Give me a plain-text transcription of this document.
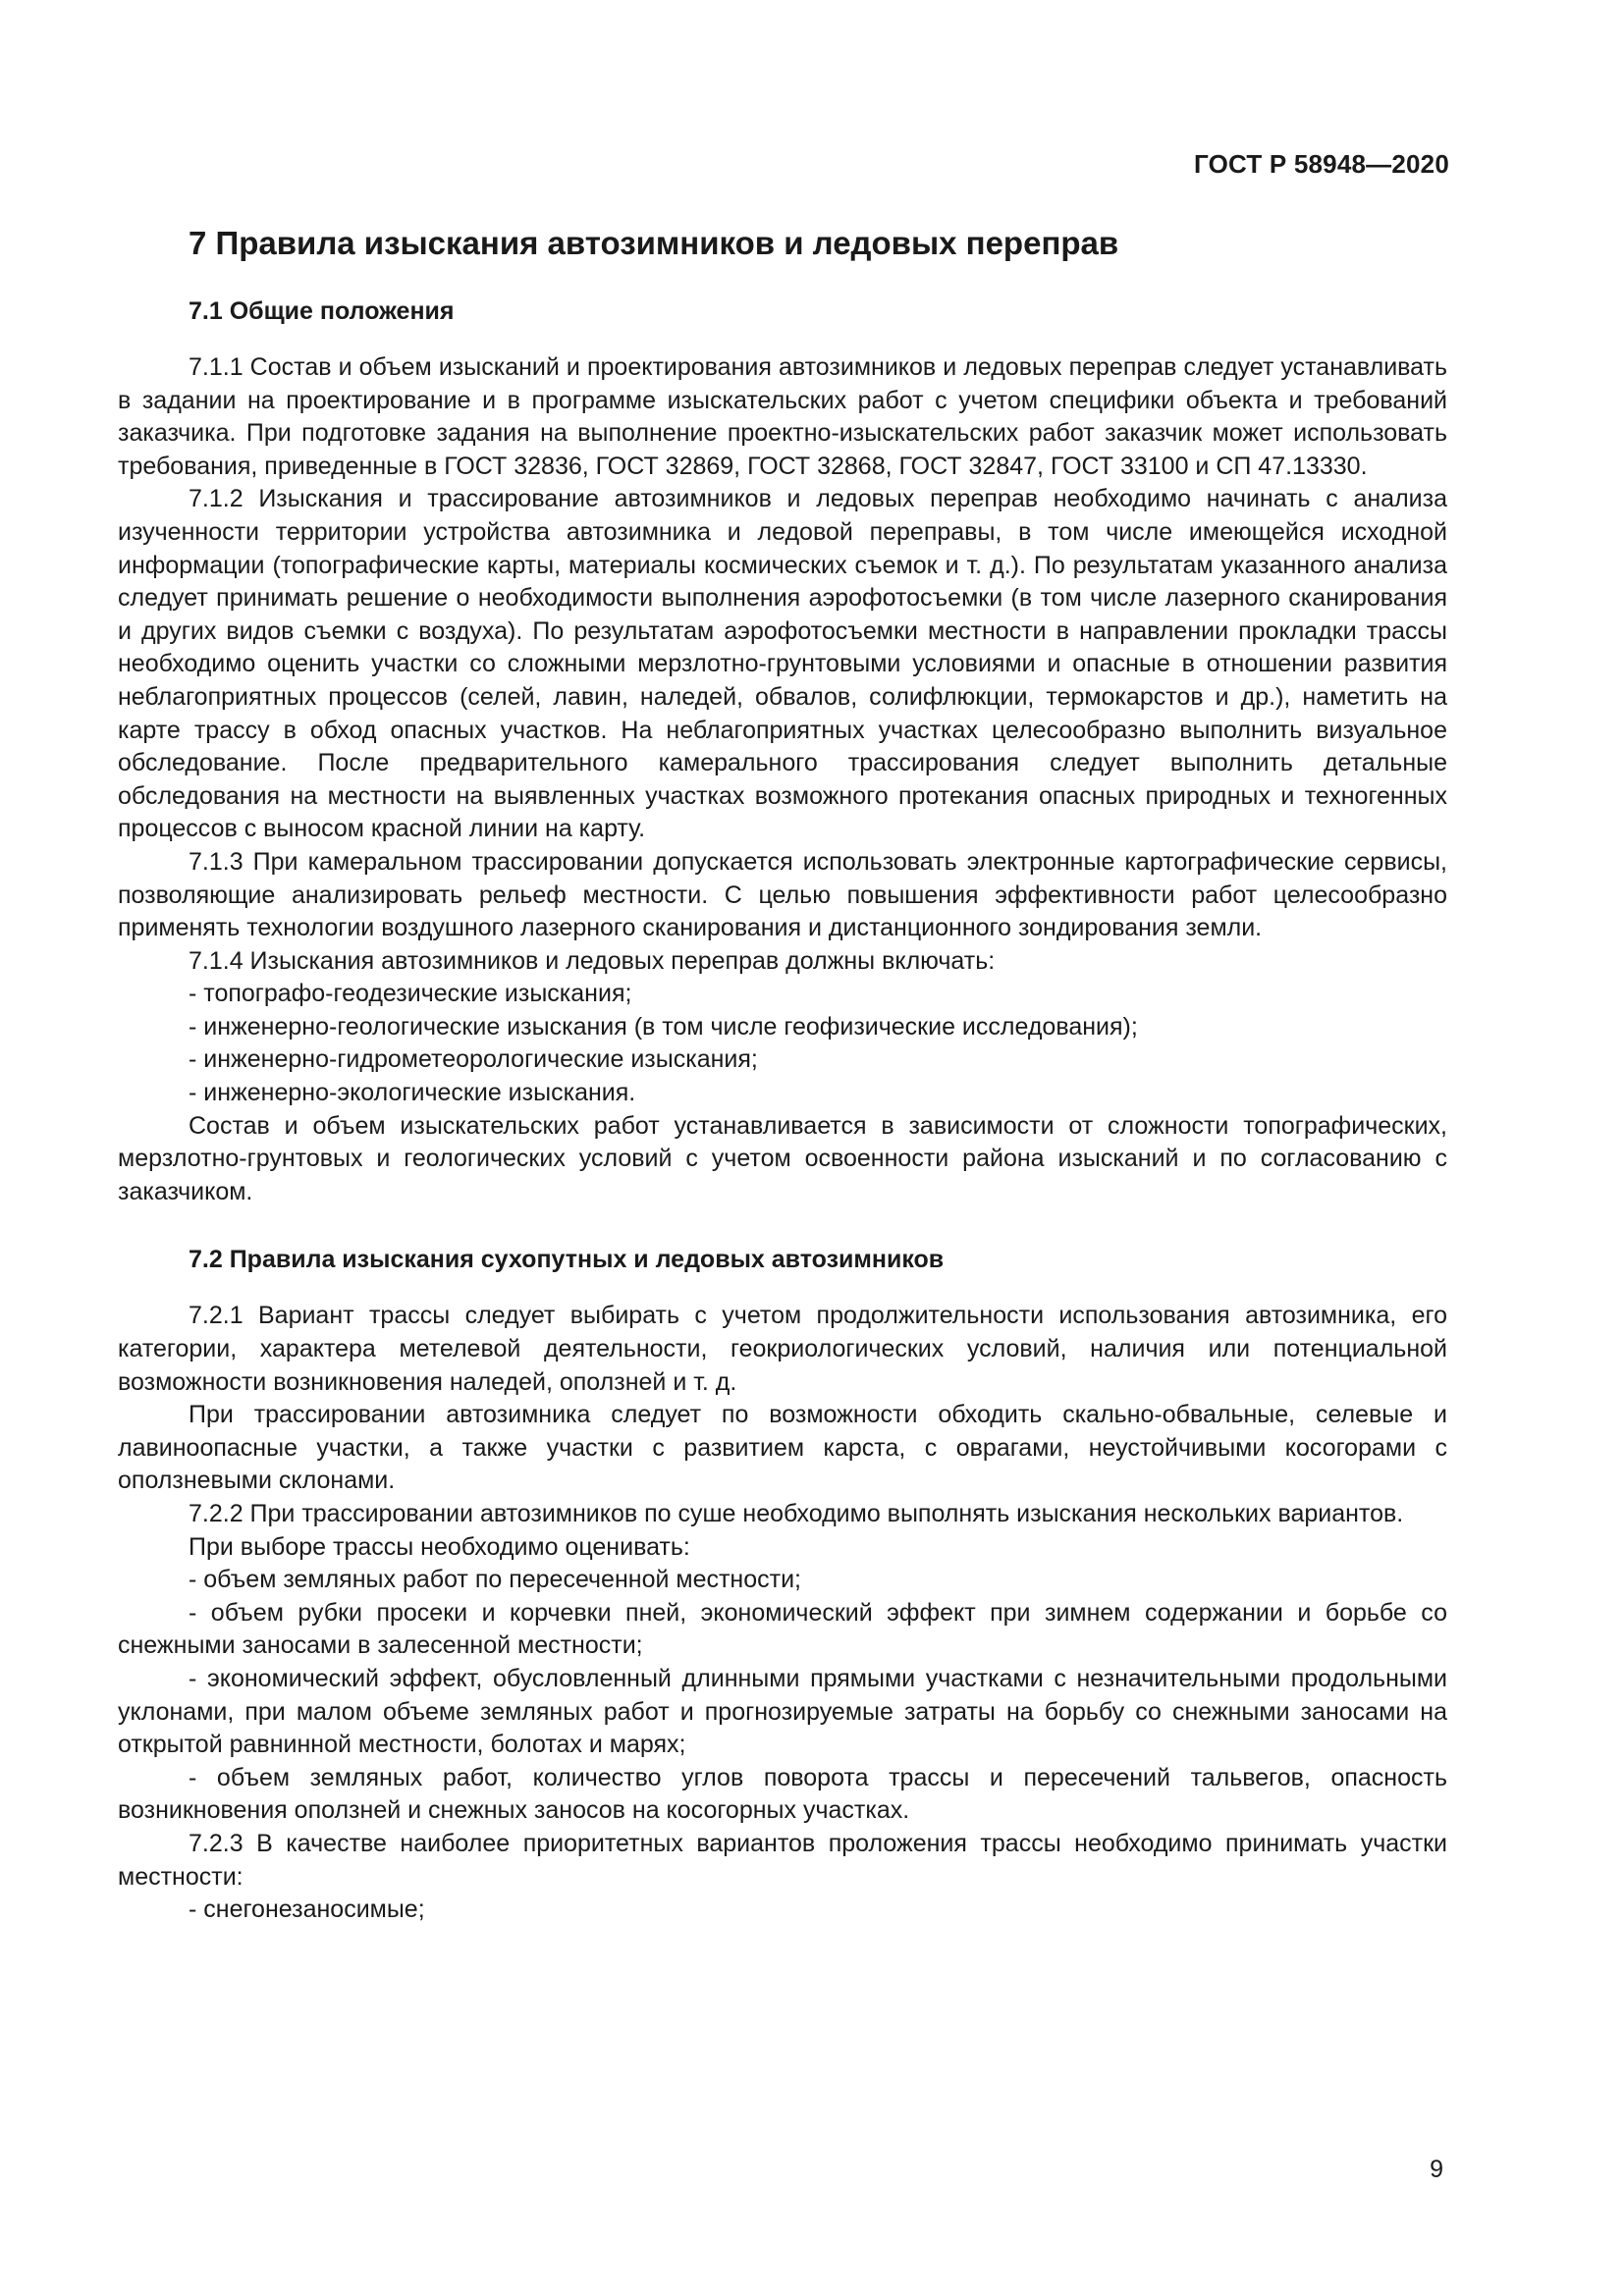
ГОСТ Р 58948—2020
7 Правила изыскания автозимников и ледовых переправ
7.1 Общие положения

7.1.1 Состав и объем изысканий и проектирования автозимников и ледовых переправ следует устанавливать в задании на проектирование и в программе изыскательских работ с учетом специфики объекта и требований заказчика. При подготовке задания на выполнение проектно-изыскательских работ заказчик может использовать требования, приведенные в ГОСТ 32836, ГОСТ 32869, ГОСТ 32868, ГОСТ 32847, ГОСТ 33100 и СП 47.13330.

7.1.2 Изыскания и трассирование автозимников и ледовых переправ необходимо начинать с анализа изученности территории устройства автозимника и ледовой переправы, в том числе имеющейся исходной информации (топографические карты, материалы космических съемок и т. д.). По результатам указанного анализа следует принимать решение о необходимости выполнения аэрофотосъемки (в том числе лазерного сканирования и других видов съемки с воздуха). По результатам аэрофотосъемки местности в направлении прокладки трассы необходимо оценить участки со сложными мерзлотно-грунтовыми условиями и опасные в отношении развития неблагоприятных процессов (селей, лавин, наледей, обвалов, солифлюкции, термокарстов и др.), наметить на карте трассу в обход опасных участков. На неблагоприятных участках целесообразно выполнить визуальное обследование. После предварительного камерального трассирования следует выполнить детальные обследования на местности на выявленных участках возможного протекания опасных природных и техногенных процессов с выносом красной линии на карту.

7.1.3 При камеральном трассировании допускается использовать электронные картографические сервисы, позволяющие анализировать рельеф местности. С целью повышения эффективности работ целесообразно применять технологии воздушного лазерного сканирования и дистанционного зондирования земли.

7.1.4 Изыскания автозимников и ледовых переправ должны включать:

- топографо-геодезические изыскания;

- инженерно-геологические изыскания (в том числе геофизические исследования);

- инженерно-гидрометеорологические изыскания;

- инженерно-экологические изыскания.

Состав и объем изыскательских работ устанавливается в зависимости от сложности топографических, мерзлотно-грунтовых и геологических условий с учетом освоенности района изысканий и по согласованию с заказчиком.

7.2 Правила изыскания сухопутных и ледовых автозимников

7.2.1 Вариант трассы следует выбирать с учетом продолжительности использования автозимника, его категории, характера метелевой деятельности, геокриологических условий, наличия или потенциальной возможности возникновения наледей, оползней и т. д.

При трассировании автозимника следует по возможности обходить скально-обвальные, селевые и лавиноопасные участки, а также участки с развитием карста, с оврагами, неустойчивыми косогорами с оползневыми склонами.

7.2.2 При трассировании автозимников по суше необходимо выполнять изыскания нескольких вариантов.

При выборе трассы необходимо оценивать:

- объем земляных работ по пересеченной местности;

- объем рубки просеки и корчевки пней, экономический эффект при зимнем содержании и борьбе со снежными заносами в залесенной местности;

- экономический эффект, обусловленный длинными прямыми участками с незначительными продольными уклонами, при малом объеме земляных работ и прогнозируемые затраты на борьбу со снежными заносами на открытой равнинной местности, болотах и марях;

- объем земляных работ, количество углов поворота трассы и пересечений тальвегов, опасность возникновения оползней и снежных заносов на косогорных участках.

7.2.3 В качестве наиболее приоритетных вариантов проложения трассы необходимо принимать участки местности:

- снегонезаносимые;

9
